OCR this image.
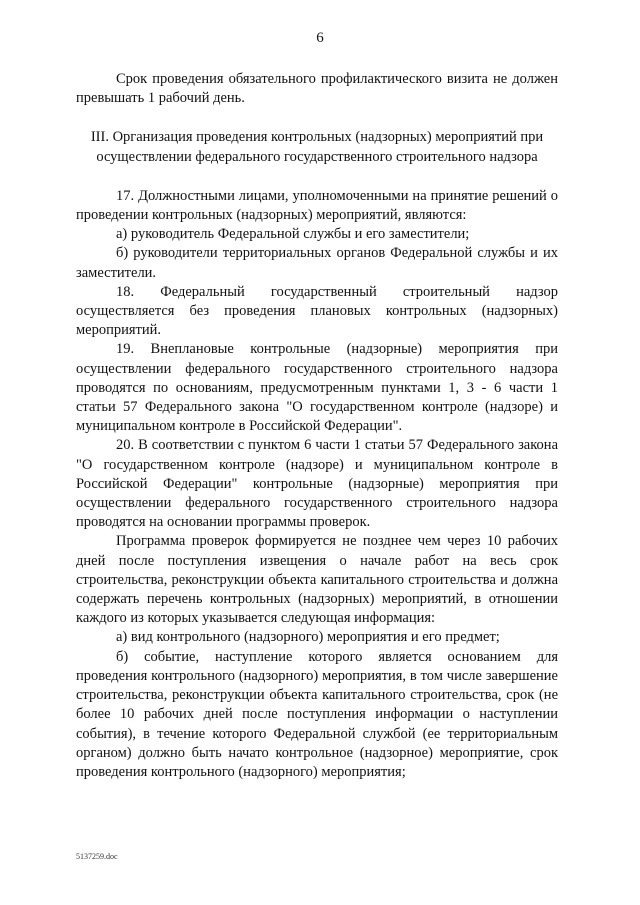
6

Срок проведения обязательного профилактического визита не должен превышать 1 рабочий день.

III. Организация проведения контрольных (надзорных) мероприятий при осуществлении федерального государственного строительного надзора

17. Должностными лицами, уполномоченными на принятие решений о проведении контрольных (надзорных) мероприятий, являются:

а) руководитель Федеральной службы и его заместители;

б) руководители территориальных органов Федеральной службы и их заместители.

18. Федеральный государственный строительный надзор осуществляется без проведения плановых контрольных (надзорных) мероприятий.

19. Внеплановые контрольные (надзорные) мероприятия при осуществлении федерального государственного строительного надзора проводятся по основаниям, предусмотренным пунктами 1, 3 - 6 части 1 статьи 57 Федерального закона "О государственном контроле (надзоре) и муниципальном контроле в Российской Федерации".

20. В соответствии с пунктом 6 части 1 статьи 57 Федерального закона "О государственном контроле (надзоре) и муниципальном контроле в Российской Федерации" контрольные (надзорные) мероприятия при осуществлении федерального государственного строительного надзора проводятся на основании программы проверок.

Программа проверок формируется не позднее чем через 10 рабочих дней после поступления извещения о начале работ на весь срок строительства, реконструкции объекта капитального строительства и должна содержать перечень контрольных (надзорных) мероприятий, в отношении каждого из которых указывается следующая информация:

а) вид контрольного (надзорного) мероприятия и его предмет;

б) событие, наступление которого является основанием для проведения контрольного (надзорного) мероприятия, в том числе завершение строительства, реконструкции объекта капитального строительства, срок (не более 10 рабочих дней после поступления информации о наступлении события), в течение которого Федеральной службой (ее территориальным органом) должно быть начато контрольное (надзорное) мероприятие, срок проведения контрольного (надзорного) мероприятия;

5137259.doc
